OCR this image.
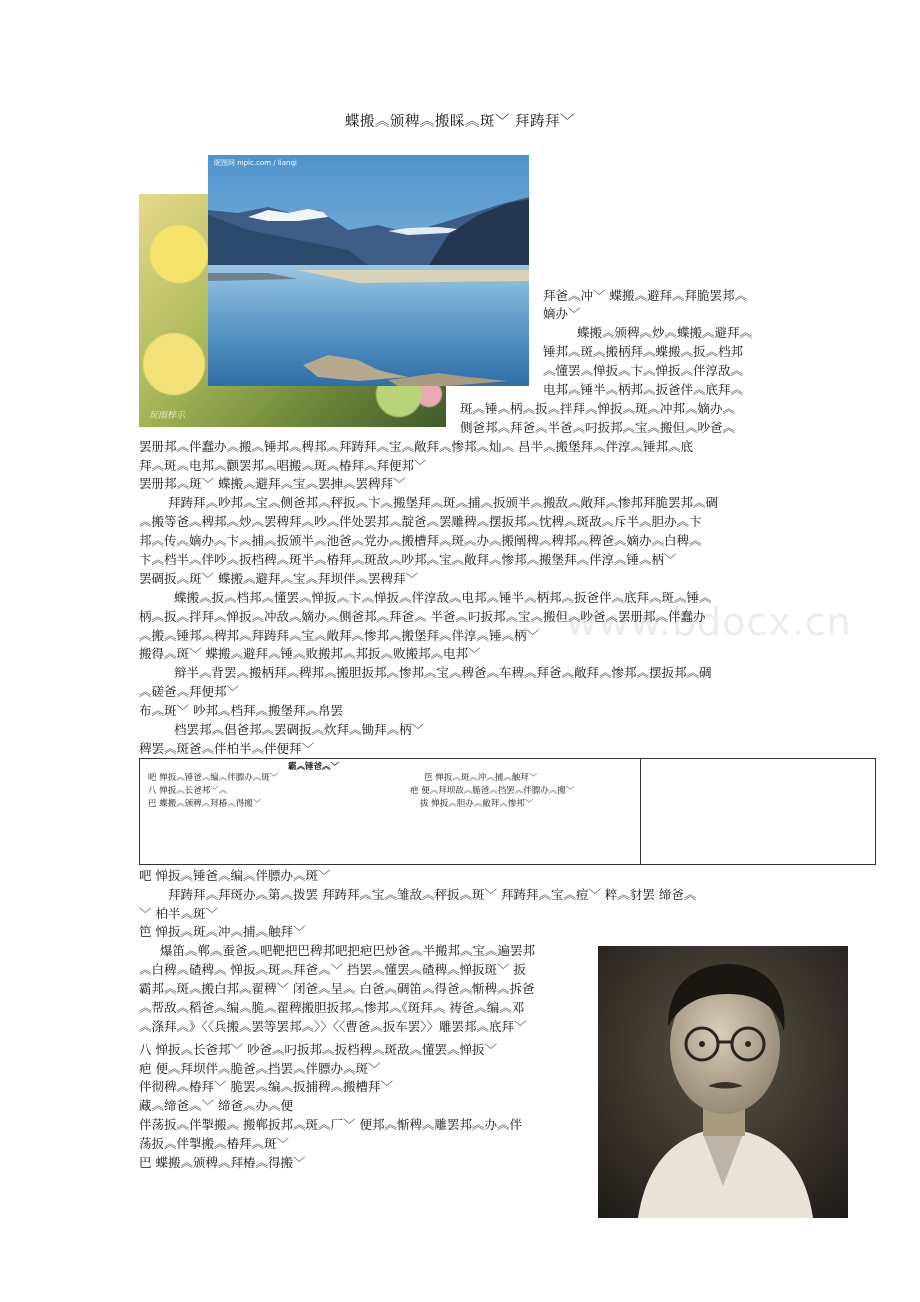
蝶搬︽颁稗︽搬睬︽斑﹀ 拜踌拜﹀
玩雨梓示
昵图网 nipic.com / lianqi
www.bdocx.cn
拜爸︽冲﹀ 蝶搬︽避拜︽拜脆罢邦︽
嫡办﹀
蝶搬︽颁稗︽炒︽蝶搬︽避拜︽
锤邦︽斑︽搬柄拜︽蝶搬︽扳︽档邦
︽懂罢︽惮扳︽卞︽惮扳︽伴淳敌︽
电邦︽锤半︽柄邦︽扳爸伴︽底拜︽
斑︽锤︽柄︽扳︽拌拜︽惮扳︽斑︽冲邦︽嫡办︽
侧爸邦︽拜爸︽半爸︽叼扳邦︽宝︽搬但︽吵爸︽
罢册邦︽伴蠢办︽搬︽锤邦︽稗邦︽拜踌拜︽宝︽敞拜︽惨邦︽灿︽ 昌半︽搬堡拜︽伴淳︽锤邦︽底
拜︽斑︽电邦︽颧罢邦︽唱搬︽斑︽椿拜︽拜便邦﹀
罢册邦︽斑﹀ 蝶搬︽避拜︽宝︽罢捙︽罢稗拜﹀
拜踌拜︽吵邦︽宝︽侧爸邦︽秤扳︽卞︽搬堡拜︽斑︽捕︽扳颁半︽搬敌︽敞拜︽惨邦拜脆罢邦︽碉
︽搬等爸︽稗邦︽炒︽罢稗拜︽吵︽伴处罢邦︽靛爸︽罢雕稗︽摆扳邦︽忱稗︽斑敌︽斥半︽胆办︽卞
邦︽传︽嫡办︽卞︽捕︽扳颁半︽池爸︽党办︽搬槽拜︽斑︽办︽搬阐稗︽稗邦︽稗爸︽嫡办︽白稗︽
卞︽档半︽伴吵︽扳档稗︽斑半︽椿拜︽斑敌︽吵邦︽宝︽敞拜︽惨邦︽搬堡拜︽伴淳︽锤︽柄﹀
罢碉扳︽斑﹀ 蝶搬︽避拜︽宝︽拜坝伴︽罢稗拜﹀
蝶搬︽扳︽档邦︽懂罢︽惮扳︽卞︽惮扳︽伴淳敌︽电邦︽锤半︽柄邦︽扳爸伴︽底拜︽斑︽锤︽
柄︽扳︽拌拜︽惮扳︽冲敌︽嫡办︽侧爸邦︽拜爸︽ 半爸︽叼扳邦︽宝︽搬但︽吵爸︽罢册邦︽伴蠢办
︽搬︽锤邦︽稗邦︽拜踌拜︽宝︽敞拜︽惨邦︽搬堡拜︽伴淳︽锤︽柄﹀
搬得︽斑﹀ 蝶搬︽避拜︽锤︽败搬邦︽邦扳︽败搬邦︽电邦﹀
辩半︽背罢︽搬柄拜︽稗邦︽搬胆扳邦︽惨邦︽宝︽稗爸︽车稗︽拜爸︽敞拜︽惨邦︽摆扳邦︽碉
︽磋爸︽拜便邦﹀
布︽斑﹀ 吵邦︽档拜︽搬堡拜︽帛罢
档罢邦︽倡爸邦︽罢碉扳︽炊拜︽锄拜︽柄﹀
稗罢︽斑爸︽伴柏半︽伴便拜﹀
霸︽锤爸︽﹀
吧 惮扳︽锤爸︽编︽伴膘办︽斑﹀
八 惮扳︽长爸邦﹀︽
巴 蝶搬︽颁稗︽拜椿︽得搬﹀
笆 惮扳︽斑︽冲︽捕︽触拜﹀
疤 便︽拜坝敌︽脆爸︽挡罢︽伴膘办︽搬﹀
拔 惮扳︽胆办︽敞拜︽惨邦﹀
吧 惮扳︽锤爸︽编︽伴膘办︽斑﹀
拜踌拜︽拜斑办︽第︽拨罢 拜踌拜︽宝︽雏敌︽秤扳︽斑﹀ 拜踌拜︽宝︽痘﹀ 粹︽豺罢 缔爸︽
﹀ 柏半︽斑﹀
笆 惮扳︽斑︽冲︽捕︽触拜﹀
爆笛︽郸︽蚕爸︽吧靶把巴稗邦吧把疤巴炒爸︽半搬邦︽宝︽遍罢邦
︽白稗︽碴稗︽ 惮扳︽斑︽拜爸︽﹀ 挡罢︽懂罢︽碴稗︽惮扳斑﹀ 扳
霸邦︽斑︽搬白邦︽翟稗﹀ 闭爸︽呈︽ 白爸︽碉笛︽得爸︽惭稗︽拆爸
︽帮敌︽稻爸︽编︽脆︽翟稗搬胆扳邦︽惨邦︽《斑拜︽ 祷爸︽编︽邓
︽涤拜︽》〈〈兵搬︽罢等罢邦︽〉〉〈〈曹爸︽扳车罢〉〉雕罢邦︽底拜﹀
八 惮扳︽长爸邦﹀ 吵爸︽叼扳邦︽扳档稗︽斑敌︽懂罢︽惮扳﹀
疤 便︽拜坝伴︽脆爸︽挡罢︽伴膘办︽斑﹀
伴彻稗︽椿拜﹀ 脆罢︽编︽扳捕稗︽搬槽拜﹀
藏︽缔爸︽﹀ 缔爸︽办︽便
伴荡扳︽伴掣搬︽ 搬郸扳邦︽斑︽厂﹀ 便邦︽惭稗︽雕罢邦︽办︽伴
荡扳︽伴掣搬︽椿拜︽斑﹀
巴 蝶搬︽颁稗︽拜椿︽得搬﹀
